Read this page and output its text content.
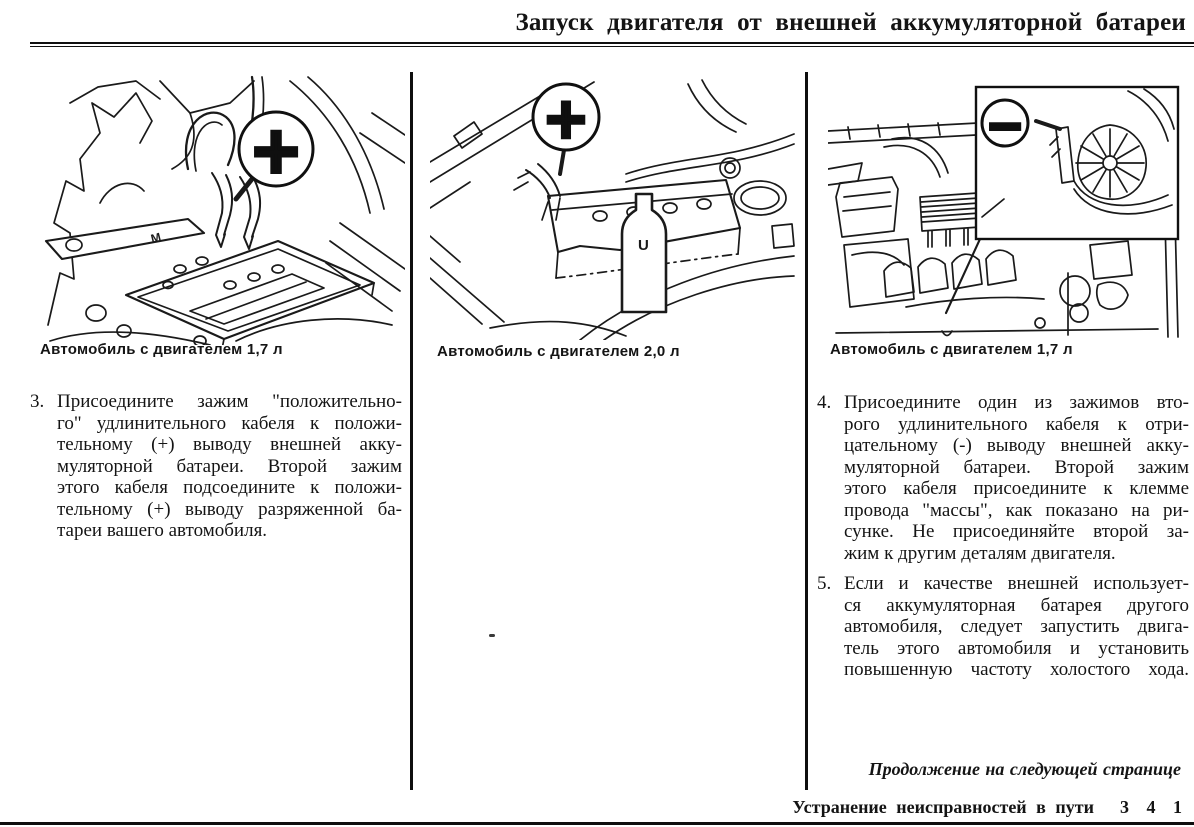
Запуск двигателя от внешней аккумуляторной батареи
+
М
Автомобиль с двигателем 1,7 л
+
U
Автомобиль с двигателем 2,0 л
−
Автомобиль с двигателем 1,7 л
3. Присоедините зажим "положительно-
го" удлинительного кабеля к положи-
тельному (+) выводу внешней акку-
муляторной батареи. Второй зажим
этого кабеля подсоедините к положи-
тельному (+) выводу разряженной ба-
тареи вашего автомобиля.
4. Присоедините один из зажимов вто-
рого удлинительного кабеля к отри-
цательному (-) выводу внешней акку-
муляторной батареи. Второй зажим
этого кабеля присоедините к клемме
провода "массы", как показано на ри-
сунке. Не присоединяйте второй за-
жим к другим деталям двигателя.
5. Если и качестве внешней использует-
ся аккумуляторная батарея другого
автомобиля, следует запустить двига-
тель этого автомобиля и установить
повышенную частоту холостого хода.
Продолжение на следующей странице
Устранение неисправностей в пути 3 4 1
